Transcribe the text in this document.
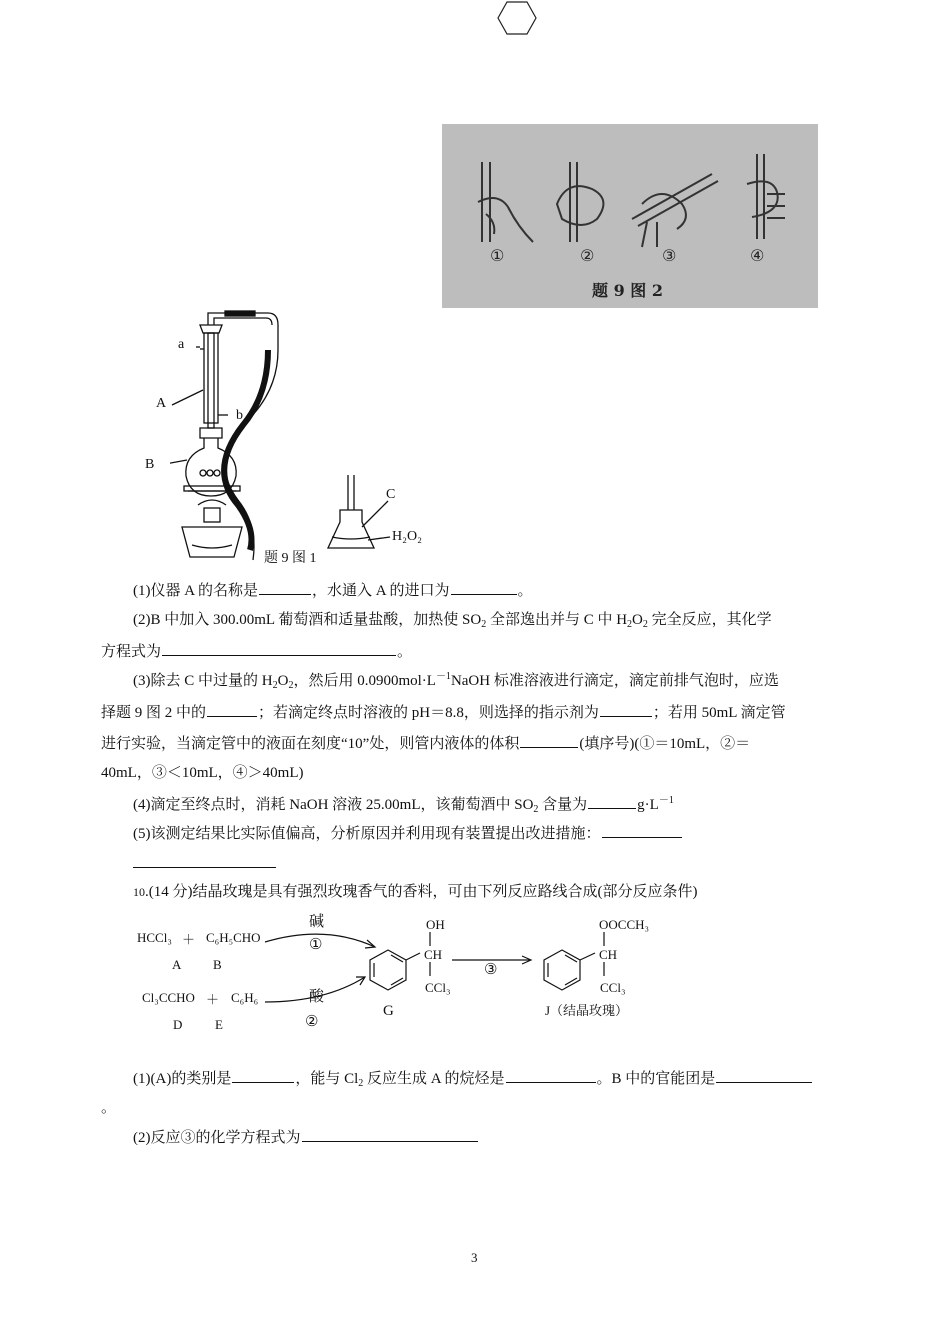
①	②	③	④
题 9 图 2
a
A
b
B
C
H₂O₂
题 9 图 1
(1)仪器 A 的名称是	，水通入 A 的进口为	。
(2)B 中加入 300.00mL 葡萄酒和适量盐酸，加热使 $SO_2$ 全部逸出并与 C 中 $H_2O_2$ 完全反应，其化学
方程式为	。
(3)除去 C 中过量的 $H_2O_2$，然后用 $0.0900mol\cdot L^{-1}NaOH$ 标准溶液进行滴定，滴定前排气泡时，应选
择题 9 图 2 中的	；若滴定终点时溶液的 pH＝8.8，则选择的指示剂为	；若用 50mL 滴定管
进行实验，当滴定管中的液面在刻度“10”处，则管内液体的体积	(填序号)(①＝10mL，②＝
40mL，③＜10mL，④＞40mL)
(4)滴定至终点时，消耗 NaOH 溶液 25.00mL，该葡萄酒中 $SO_2$ 含量为	$g\cdot L^{-1}$
(5)该测定结果比实际值偏高，分析原因并利用现有装置提出改进措施：
10.(14 分)结晶玫瑰是具有强烈玫瑰香气的香料，可由下列反应路线合成(部分反应条件)
HCCl₃ ＋ C₆H₅CHO
A B
碱
①
Cl₃CCHO ＋ C₆H₆
D	E
酸
②
OH
CH
CCl₃
G
③
OOCCH₃
CH
CCl₃
J（结晶玫瑰）
(1)(A)的类别是	，能与 $Cl_2$ 反应生成 A 的烷烃是	。B 中的官能团是
。
(2)反应③的化学方程式为
3
